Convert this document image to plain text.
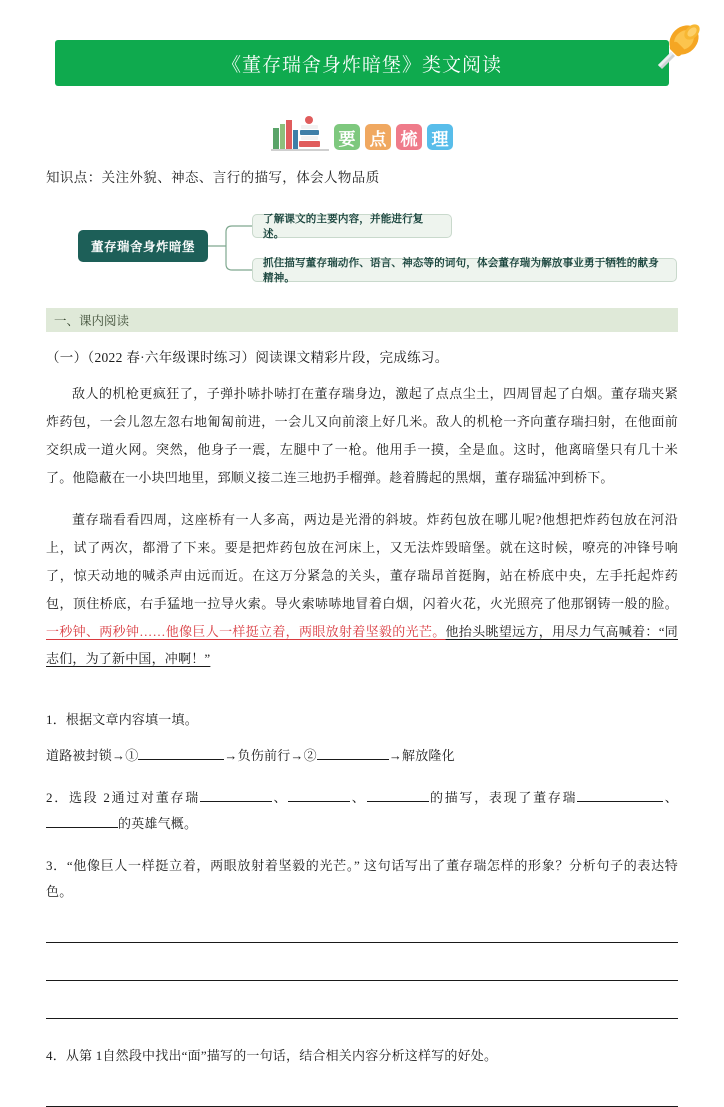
《董存瑞舍身炸暗堡》类文阅读
要 点 梳 理
知识点：关注外貌、神态、言行的描写，体会人物品质
董存瑞舍身炸暗堡
了解课文的主要内容，并能进行复述。
抓住描写董存瑞动作、语言、神态等的词句，体会董存瑞为解放事业勇于牺牲的献身精神。
一、课内阅读
（一）（2022 春·六年级课时练习）阅读课文精彩片段，完成练习。

敌人的机枪更疯狂了，子弹扑哧扑哧打在董存瑞身边，激起了点点尘土，四周冒起了白烟。董存瑞夹紧炸药包，一会儿忽左忽右地匍匐前进，一会儿又向前滚上好几米。敌人的机枪一齐向董存瑞扫射，在他面前交织成一道火网。突然，他身子一震，左腿中了一枪。他用手一摸，全是血。这时，他离暗堡只有几十米了。他隐蔽在一小块凹地里，郅顺义接二连三地扔手榴弹。趁着腾起的黑烟，董存瑞猛冲到桥下。

董存瑞看看四周，这座桥有一人多高，两边是光滑的斜坡。炸药包放在哪儿呢?他想把炸药包放在河沿上，试了两次，都滑了下来。要是把炸药包放在河床上，又无法炸毁暗堡。就在这时候，嘹亮的冲锋号响了，惊天动地的喊杀声由远而近。在这万分紧急的关头，董存瑞昂首挺胸，站在桥底中央，左手托起炸药包，顶住桥底，右手猛地一拉导火索。导火索哧哧地冒着白烟，闪着火花，火光照亮了他那钢铸一般的脸。一秒钟、两秒钟……他像巨人一样挺立着，两眼放射着坚毅的光芒。他抬头眺望远方，用尽力气高喊着：“同志们，为了新中国，冲啊！”

1．根据文章内容填一填。
道路被封锁→①	→负伤前行→②	→解放隆化
2．选段 2通过对董存瑞	、	、	的描写，表现了董存瑞	、的英雄气概。
3．“他像巨人一样挺立着，两眼放射着坚毅的光芒。” 这句话写出了董存瑞怎样的形象？分析句子的表达特色。
4．从第 1自然段中找出“面”描写的一句话，结合相关内容分析这样写的好处。
